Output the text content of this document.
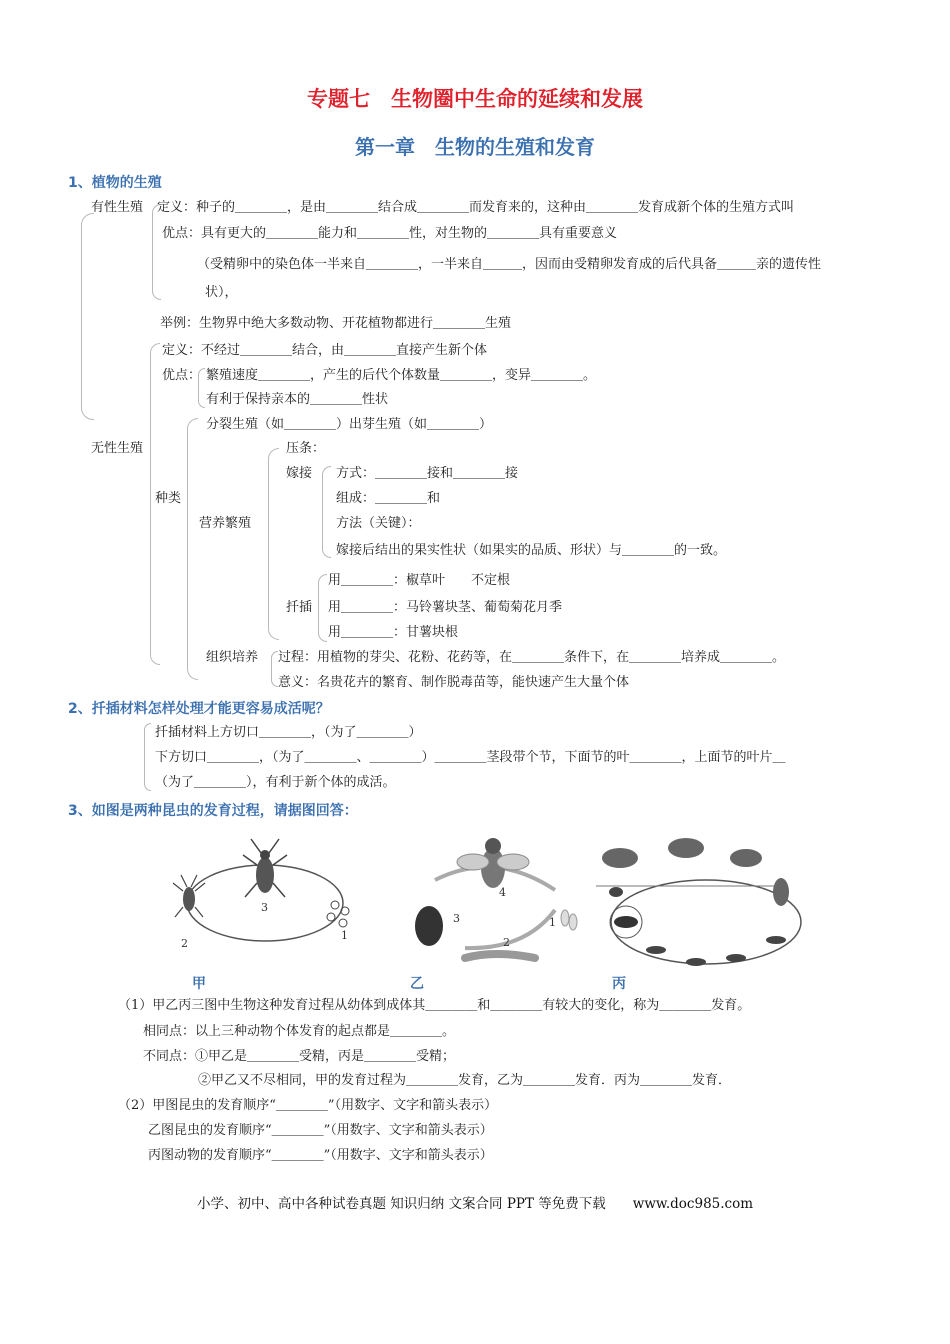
专题七　生物圈中生命的延续和发展
第一章　生物的生殖和发育
1、植物的生殖
有性生殖 定义：种子的＿＿＿＿，是由＿＿＿＿结合成＿＿＿＿而发育来的，这种由＿＿＿＿发育成新个体的生殖方式叫
优点：具有更大的＿＿＿＿能力和＿＿＿＿性，对生物的＿＿＿＿具有重要意义
（受精卵中的染色体一半来自＿＿＿＿，一半来自＿＿＿，因而由受精卵发育成的后代具备＿＿＿亲的遗传性
状），
举例：生物界中绝大多数动物、开花植物都进行＿＿＿＿生殖
无性生殖
定义：不经过＿＿＿＿结合，由＿＿＿＿直接产生新个体
优点： 繁殖速度＿＿＿＿，产生的后代个体数量＿＿＿＿，变异＿＿＿＿。
有利于保持亲本的＿＿＿＿性状
种类
分裂生殖（如＿＿＿＿）出芽生殖（如＿＿＿＿）
营养繁殖
压条：
嫁接 方式：＿＿＿＿接和＿＿＿＿接
组成：＿＿＿＿和
方法（关键）：
嫁接后结出的果实性状（如果实的品质、形状）与＿＿＿＿的一致。
扦插
用＿＿＿＿：椒草叶　　不定根
用＿＿＿＿：马铃薯块茎、葡萄菊花月季
用＿＿＿＿：甘薯块根
组织培养 过程：用植物的芽尖、花粉、花药等，在＿＿＿＿条件下，在＿＿＿＿培养成＿＿＿＿。
意义：名贵花卉的繁育、制作脱毒苗等，能快速产生大量个体
2、扦插材料怎样处理才能更容易成活呢？
扦插材料上方切口＿＿＿＿，（为了＿＿＿＿）
下方切口＿＿＿＿，（为了＿＿＿＿、＿＿＿＿）＿＿＿＿茎段带个节，下面节的叶＿＿＿＿，上面节的叶片＿
（为了＿＿＿＿），有利于新个体的成活。
3、如图是两种昆虫的发育过程，请据图回答：
3
2
1
4
3
2
1
甲	乙	丙
（1）甲乙丙三图中生物这种发育过程从幼体到成体其＿＿＿＿和＿＿＿＿有较大的变化，称为＿＿＿＿发育。
相同点：以上三种动物个体发育的起点都是＿＿＿＿。
不同点：①甲乙是＿＿＿＿受精，丙是＿＿＿＿受精；
②甲乙又不尽相同，甲的发育过程为＿＿＿＿发育，乙为＿＿＿＿发育．丙为＿＿＿＿发育．
（2）甲图昆虫的发育顺序“＿＿＿＿”（用数字、文字和箭头表示）
乙图昆虫的发育顺序“＿＿＿＿”（用数字、文字和箭头表示）
丙图动物的发育顺序“＿＿＿＿”（用数字、文字和箭头表示）
小学、初中、高中各种试卷真题 知识归纳 文案合同 PPT 等免费下载　　www.doc985.com
